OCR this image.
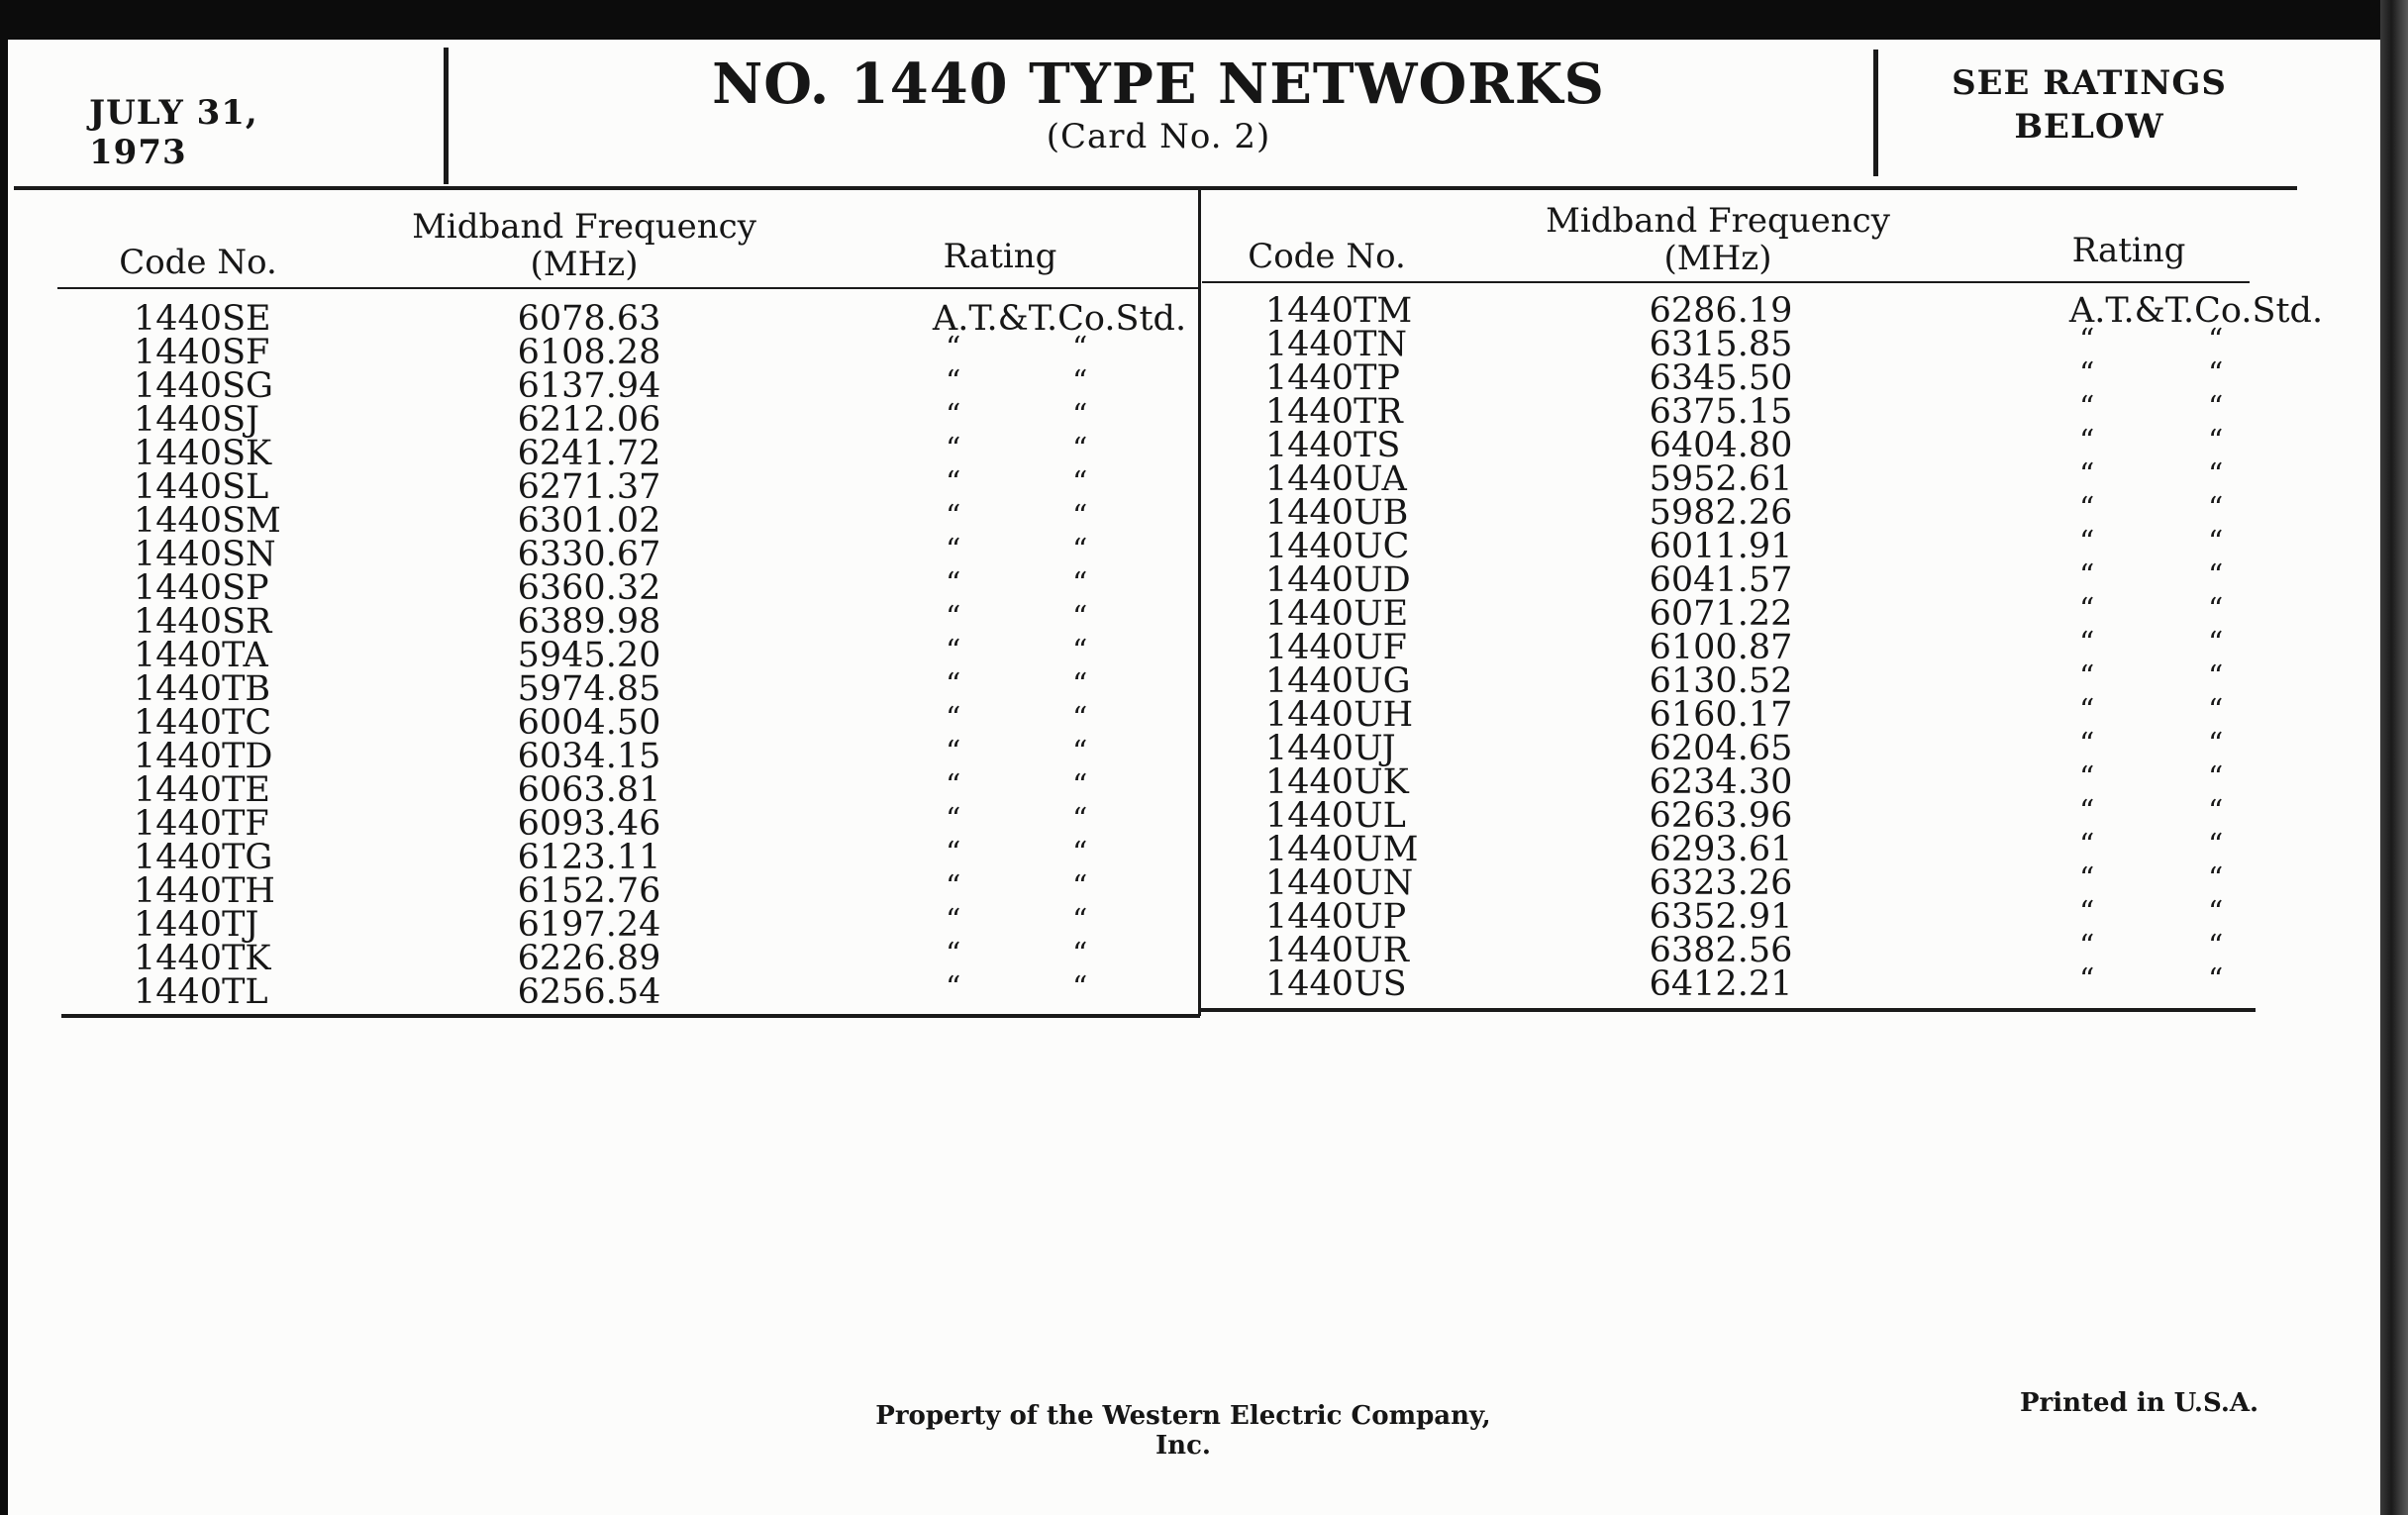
JULY 31, 1973
NO. 1440 TYPE NETWORKS
(Card No. 2)
SEE RATINGS
BELOW
Code No.
Midband Frequency
(MHz)	Rating	Code No.
Midband Frequency
(MHz)	Rating
1440SE	6078.63	A.T.&T.Co.Std.
1440SF	6108.28	“	“
1440SG	6137.94	“	“
1440SJ	6212.06	“	“
1440SK	6241.72	“	“
1440SL	6271.37	“	“
1440SM	6301.02	“	“
1440SN	6330.67	“	“
1440SP	6360.32	“	“
1440SR	6389.98	“	“
1440TA	5945.20	“	“
1440TB	5974.85	“	“
1440TC	6004.50	“	“
1440TD	6034.15	“	“
1440TE	6063.81	“	“
1440TF	6093.46	“	“
1440TG	6123.11	“	“
1440TH	6152.76	“	“
1440TJ	6197.24	“	“
1440TK	6226.89	“	“
1440TL	6256.54	“	“
1440TM	6286.19	A.T.&T.Co.Std.
1440TN	6315.85	“	“
1440TP	6345.50	“	“
1440TR	6375.15	“	“
1440TS	6404.80	“	“
1440UA	5952.61	“	“
1440UB	5982.26	“	“
1440UC	6011.91	“	“
1440UD	6041.57	“	“
1440UE	6071.22	“	“
1440UF	6100.87	“	“
1440UG	6130.52	“	“
1440UH	6160.17	“	“
1440UJ	6204.65	“	“
1440UK	6234.30	“	“
1440UL	6263.96	“	“
1440UM	6293.61	“	“
1440UN	6323.26	“	“
1440UP	6352.91	“	“
1440UR	6382.56	“	“
1440US	6412.21	“	“
Property of the Western Electric Company, Inc.
Printed in U.S.A.
